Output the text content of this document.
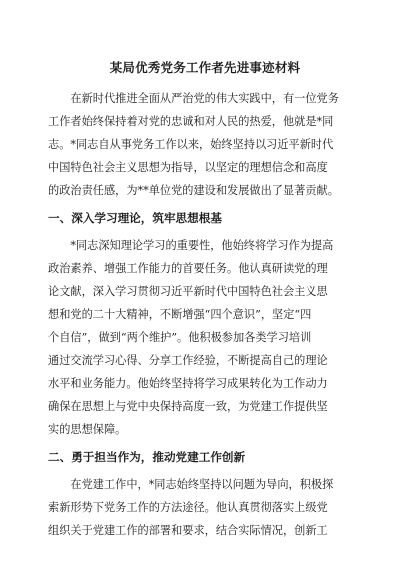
某局优秀党务工作者先进事迹材料

在新时代推进全面从严治党的伟大实践中，有一位党务
工作者始终保持着对党的忠诚和对人民的热爱，他就是*同
志。*同志自从事党务工作以来，始终坚持以习近平新时代
中国特色社会主义思想为指导，以坚定的理想信念和高度
的政治责任感，为**单位党的建设和发展做出了显著贡献。

一、深入学习理论，筑牢思想根基

*同志深知理论学习的重要性，他始终将学习作为提高
政治素养、增强工作能力的首要任务。他认真研读党的理
论文献，深入学习贯彻习近平新时代中国特色社会主义思
想和党的二十大精神，不断增强“四个意识”，坚定“四
个自信”，做到“两个维护”。他积极参加各类学习培训
通过交流学习心得、分享工作经验，不断提高自己的理论
水平和业务能力。他始终坚持将学习成果转化为工作动力
确保在思想上与党中央保持高度一致，为党建工作提供坚
实的思想保障。

二、勇于担当作为，推动党建工作创新

在党建工作中，*同志始终坚持以问题为导向，积极探
索新形势下党务工作的方法途径。他认真贯彻落实上级党
组织关于党建工作的部署和要求，结合实际情况，创新工
